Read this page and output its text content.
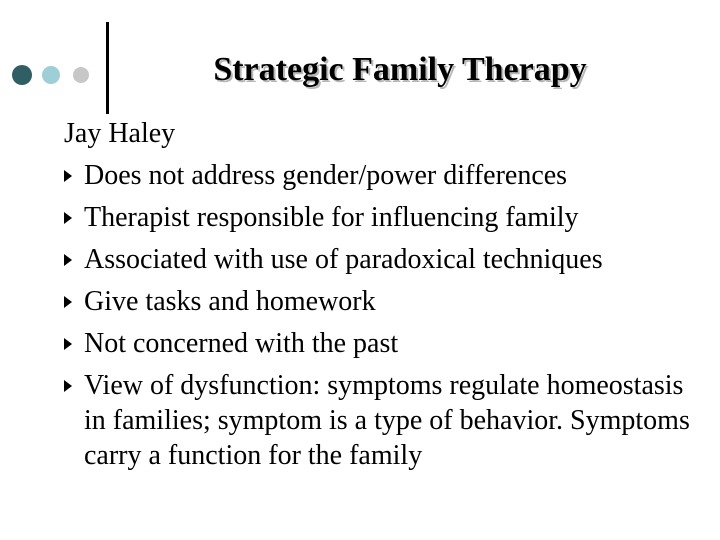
Strategic Family Therapy
Jay Haley
Does not address gender/power differences
Therapist responsible for influencing family
Associated with use of paradoxical techniques
Give tasks and homework
Not concerned with the past
View of dysfunction: symptoms regulate homeostasis in families; symptom is a type of behavior. Symptoms carry a function for the family
